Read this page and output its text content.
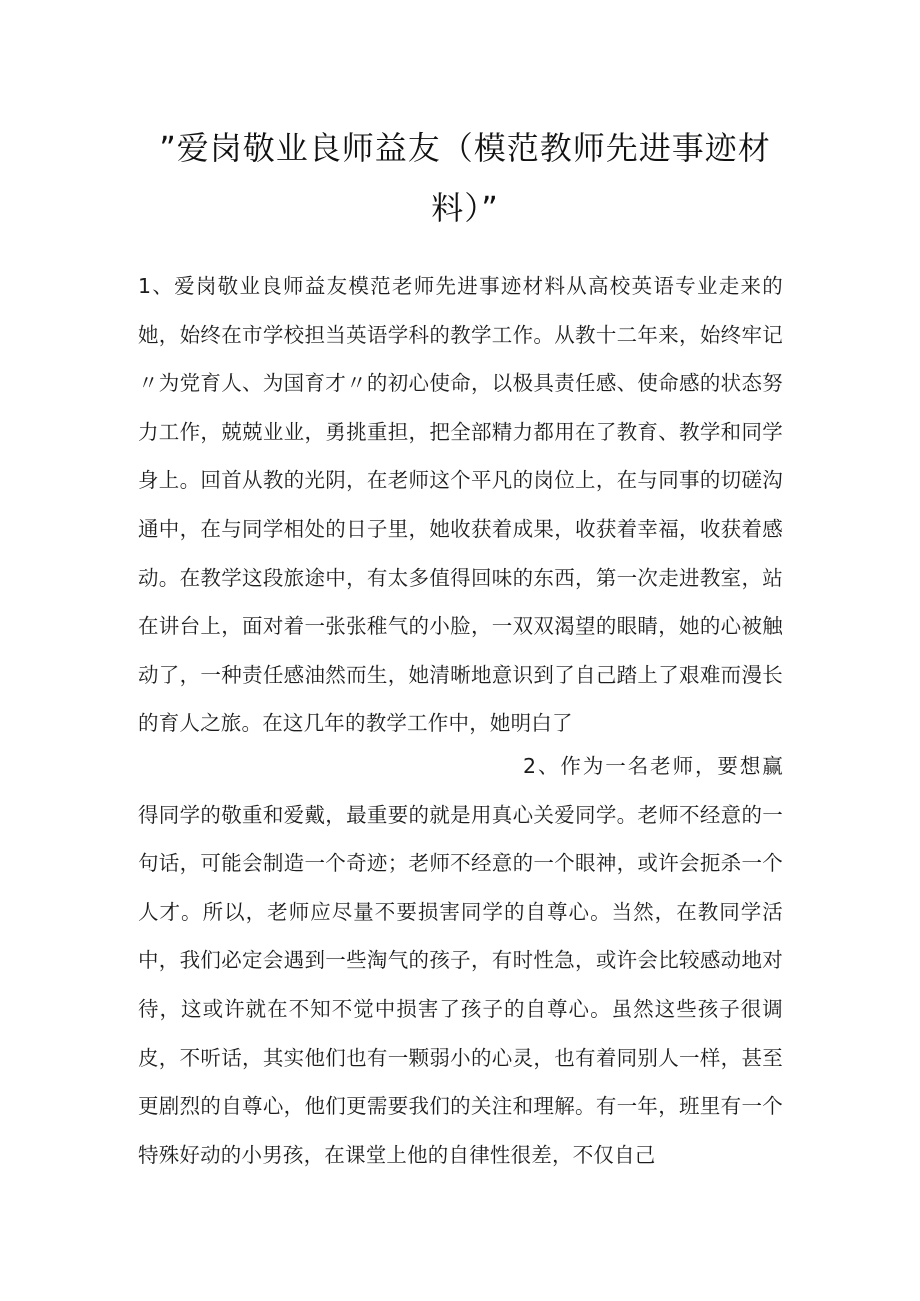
”爱岗敬业良师益友（模范教师先进事迹材料）”

1、爱岗敬业良师益友模范老师先进事迹材料从高校英语专业走来的她，始终在市学校担当英语学科的教学工作。从教十二年来，始终牢记〃为党育人、为国育才〃的初心使命，以极具责任感、使命感的状态努力工作，兢兢业业，勇挑重担，把全部精力都用在了教育、教学和同学身上。回首从教的光阴，在老师这个平凡的岗位上，在与同事的切磋沟通中，在与同学相处的日子里，她收获着成果，收获着幸福，收获着感动。在教学这段旅途中，有太多值得回味的东西，第一次走进教室，站在讲台上，面对着一张张稚气的小脸，一双双渴望的眼睛，她的心被触动了，一种责任感油然而生，她清晰地意识到了自己踏上了艰难而漫长的育人之旅。在这几年的教学工作中，她明白了

2、作为一名老师，要想赢得同学的敬重和爱戴，最重要的就是用真心关爱同学。老师不经意的一句话，可能会制造一个奇迹；老师不经意的一个眼神，或许会扼杀一个人才。所以，老师应尽量不要损害同学的自尊心。当然，在教同学活中，我们必定会遇到一些淘气的孩子，有时性急，或许会比较感动地对待，这或许就在不知不觉中损害了孩子的自尊心。虽然这些孩子很调皮，不听话，其实他们也有一颗弱小的心灵，也有着同别人一样，甚至更剧烈的自尊心，他们更需要我们的关注和理解。有一年，班里有一个特殊好动的小男孩，在课堂上他的自律性很差，不仅自己
